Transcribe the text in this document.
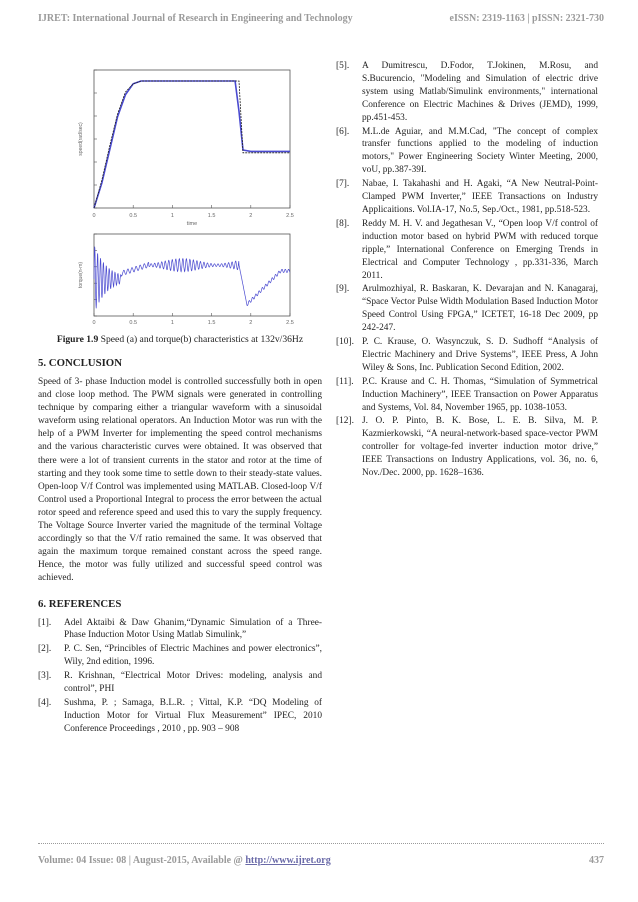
IJRET: International Journal of Research in Engineering and Technology	eISSN: 2319-1163 | pISSN: 2321-730
0	0.5	1	1.5	2	2.5
speed(rad/sec)
time
0	0.5	1	1.5	2	2.5
torque(n-m)

Figure 1.9 Speed (a) and torque(b) characteristics at 132v/36Hz

5. CONCLUSION

Speed of 3- phase Induction model is controlled successfully both in open and close loop method. The PWM signals were generated in controlling technique by comparing either a triangular waveform with a sinusoidal waveform using relational operators. An Induction Motor was run with the help of a PWM Inverter for implementing the speed control mechanisms and the various characteristic curves were obtained. It was observed that there were a lot of transient currents in the stator and rotor at the time of starting and they took some time to settle down to their steady-state values. Open-loop V/f Control was implemented using MATLAB. Closed-loop V/f Control used a Proportional Integral to process the error between the actual rotor speed and reference speed and used this to vary the supply frequency. The Voltage Source Inverter varied the magnitude of the terminal Voltage accordingly so that the V/f ratio remained the same. It was observed that again the maximum torque remained constant across the speed range. Hence, the motor was fully utilized and successful speed control was achieved.

6. REFERENCES
[1].	Adel Aktaibi & Daw Ghanim,“Dynamic Simulation of a Three- Phase Induction Motor Using Matlab Simulink,”
[2].	P. C. Sen, “Princibles of Electric Machines and power electronics”, Wily, 2nd edition, 1996.
[3].	R. Krishnan, “Electrical Motor Drives: modeling, analysis and control”, PHI
[4].	Sushma, P. ; Samaga, B.L.R. ; Vittal, K.P. “DQ Modeling of Induction Motor for Virtual Flux Measurement” IPEC, 2010 Conference Proceedings , 2010 , pp. 903 – 908
[5].	A Dumitrescu, D.Fodor, T.Jokinen, M.Rosu, and S.Bucurencio, "Modeling and Simulation of electric drive system using Matlab/Simulink environments," international Conference on Electric Machines & Drives (JEMD), 1999, pp.451-453.
[6].	M.L.de Aguiar, and M.M.Cad, "The concept of complex transfer functions applied to the modeling of induction motors," Power Engineering Society Winter Meeting, 2000, voU, pp.387-39I.
[7].	Nabae, I. Takahashi and H. Agaki, “A New Neutral-Point-Clamped PWM Inverter,” IEEE Transactions on Industry Applicaitions. Vol.IA-17, No.5, Sep./Oct., 1981, pp.518-523.
[8].	Reddy M. H. V. and Jegathesan V., “Open loop V/f control of induction motor based on hybrid PWM with reduced torque ripple,” International Conference on Emerging Trends in Electrical and Computer Technology , pp.331-336, March 2011.
[9].	Arulmozhiyal, R. Baskaran, K. Devarajan and N. Kanagaraj, “Space Vector Pulse Width Modulation Based Induction Motor Speed Control Using FPGA,” ICETET, 16-18 Dec 2009, pp 242-247.
[10]. P. C. Krause, O. Wasynczuk, S. D. Sudhoff “Analysis of Electric Machinery and Drive Systems”, IEEE Press, A John Wiley & Sons, Inc. Publication Second Edition, 2002.
[11]. P.C. Krause and C. H. Thomas, “Simulation of Symmetrical Induction Machinery”, IEEE Transaction on Power Apparatus and Systems, Vol. 84, November 1965, pp. 1038-1053.
[12]. J. O. P. Pinto, B. K. Bose, L. E. B. Silva, M. P. Kazmierkowski, “A neural-network-based space-vector PWM controller for voltage-fed inverter induction motor drive,” IEEE Transactions on Industry Applications, vol. 36, no. 6, Nov./Dec. 2000, pp. 1628–1636.
Volume: 04 Issue: 08 | August-2015, Available @ http://www.ijret.org	437
